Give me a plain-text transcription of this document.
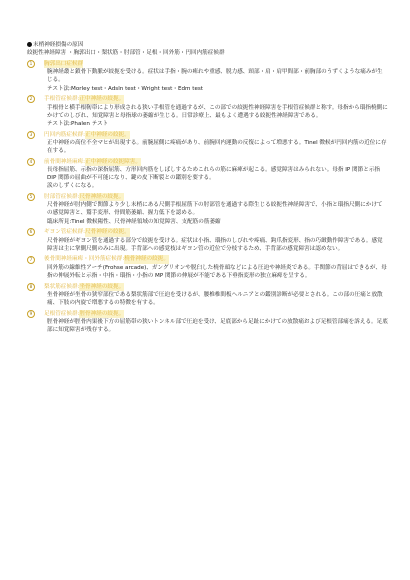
末梢神経損傷の原因
絞扼性神経障害 ・胸郭出口・梨状筋・肘部管・足根・回外筋・円回内筋症候群
1	胸郭出口症候群

腕神経叢と鎖骨下動脈が絞扼を受ける。症状は手指・腕の痺れや重感、脱力感、頸部・肩・肩甲間部・前胸部のうずくような痛みが生じる。

テスト法:Morley test・Adsln test・Wright test・Edm test

2	手根管症候群: 正中神経の絞扼。

手根骨と横手根靭帯により形成される狭い手根管を通過するが、この部での絞扼性神経障害を手根管症候群と称す。母指から環指橈側にかけてのしびれ、知覚障害と母指球の萎縮が生じる。日常診療上、最もよく遭遇する絞扼性神経障害である。

テスト法:Phalen テスト

3	円回内筋症候群: 正中神経の絞扼。

正中神経の高位不全マヒが出現する。前腕屈側に疼痛があり、前腕回内運動の反復によって増悪する。Tinel 徴候が円回内筋の近位に存在する。

4	前骨間神経麻痺: 正中神経の絞扼障害。

長母指屈筋、示指の深指屈筋、方形回内筋をしばしするためこれらの筋に麻痺が起こる。感覚障害はみられない。母指 IP 関節と示指 DIP 関節の屈曲が不可能になり、鍵の皮下断裂との鑑別を要する。

涙のしずくになる。

5	肘部管症候群: 尺骨神経の絞扼。

尺骨神経が肘内側で関節より少し末梢にある尺側手根屈筋下の肘部管を通過する際生じる絞扼性神経障害で、小指と環指尺側にかけての感覚障害と、鷲手変形、骨間筋萎縮、握力低下を認める。

臨床所見:Tinel 徴候陽性、尺骨神経領域の知覚障害、支配筋の筋萎縮

6	ギヨン管症候群: 尺骨神経の絞扼。

尺骨神経がギヨン管を通過する部分で絞扼を受ける。症状は小指、環指のしびれや疼痛、鈎爪指変形、指の巧緻動作障害である。感覚障害は主に掌側尺側のみに出現。手背部への感覚枝はギヨン管の近位で分枝するため、手背部の感覚障害は認めない。

7	後骨間神経麻痺・回外筋症候群: 橈骨神経の絞扼。

回外筋の線維性アーチ(Frohse arcade)、ガングリオンや脱臼した橈骨頭などによる圧迫や神経炎である。手関節の背屈はできるが、母指の伸展外転と示指・中指・環指・小指の MP 関節の伸展が不能である下垂指変形の独立麻痺を呈する。

8	梨状筋症候群: 坐骨神経の絞扼。

坐骨神経が坐骨の狭窄部位である梨状筋部で圧迫を受けるが、腰椎椎間板ヘルニアとの鑑別診断が必要とされる。この部の圧痛と放散痛、下肢の内旋で増悪するの特徴を有する。

9	足根管症候群: 脛骨神経の絞扼。

脛骨神経が脛骨内果後下方の屈筋帯の狭いトンネル部で圧迫を受け、足底部から足趾にかけての放散痛および足根管部痛を訴える。足底部に知覚障害が残存する。
